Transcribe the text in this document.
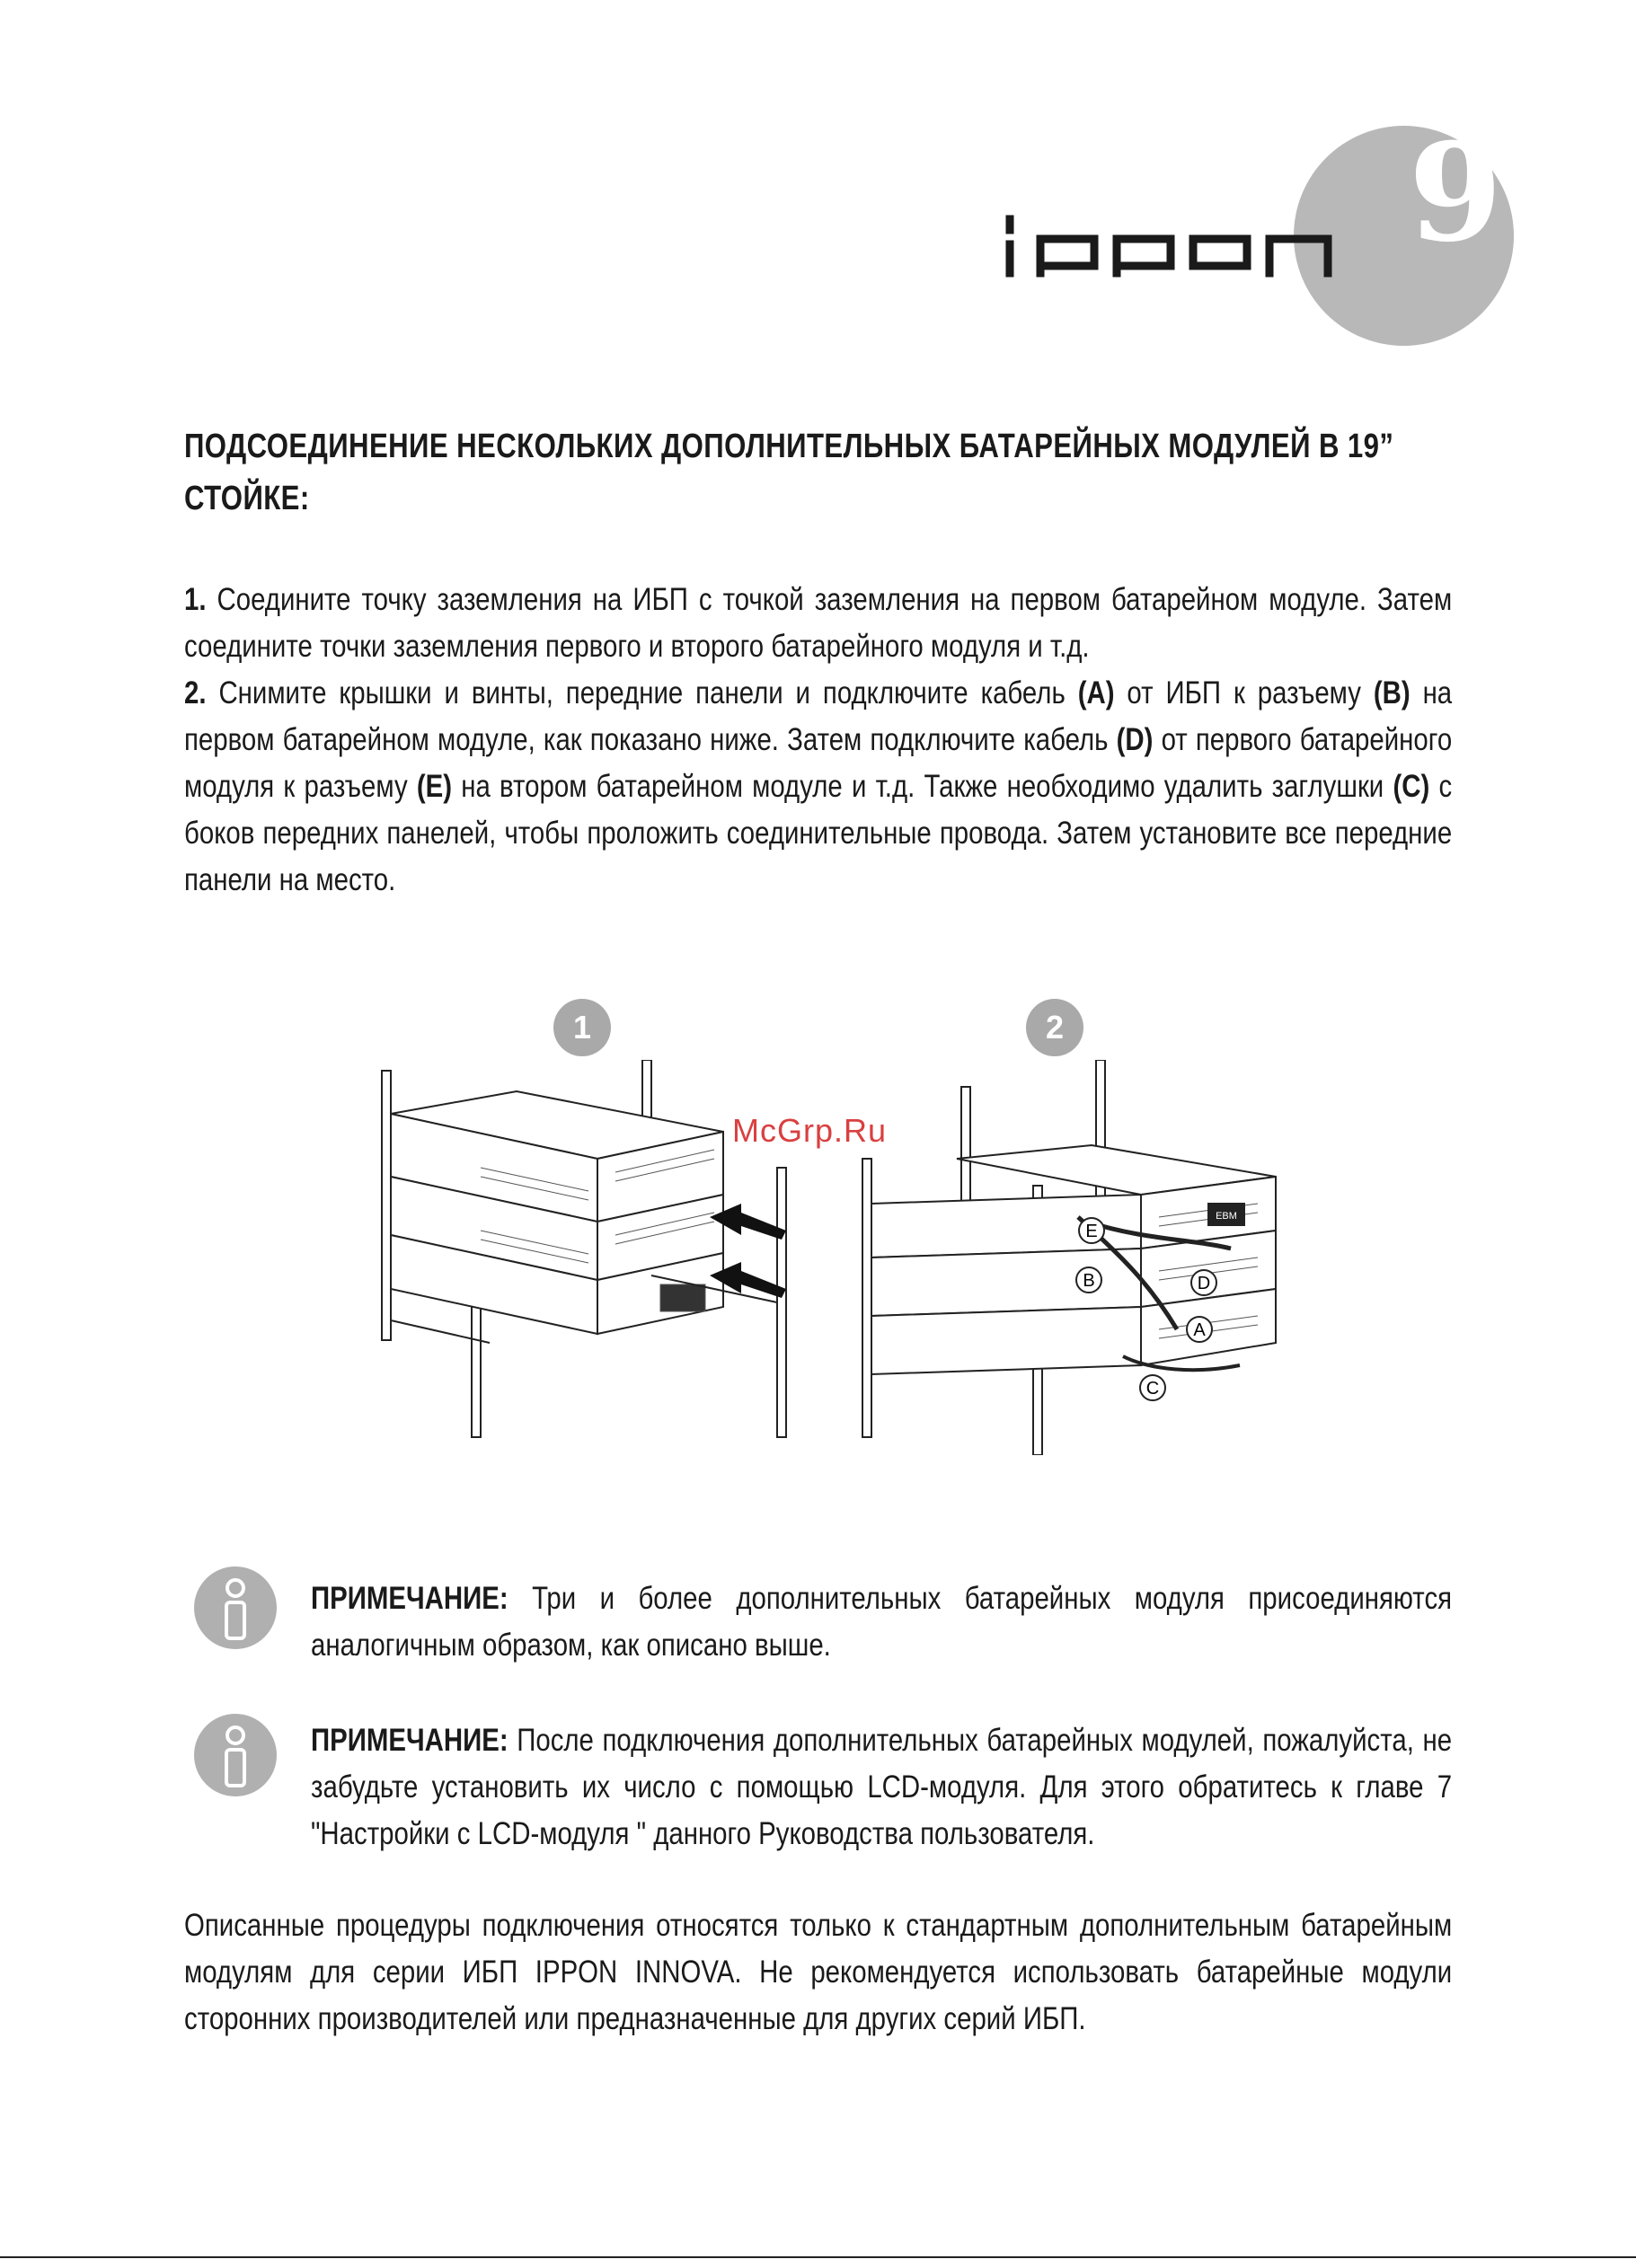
9
ПОДСОЕДИНЕНИЕ НЕСКОЛЬКИХ ДОПОЛНИТЕЛЬНЫХ БАТАРЕЙНЫХ МОДУЛЕЙ В 19”
СТОЙКЕ:

1. Соедините точку заземления на ИБП с точкой заземления на первом батарейном модуле. Затем соедините точки заземления первого и второго батарейного модуля и т.д.

2. Снимите крышки и винты, передние панели и подключите кабель (A) от ИБП к разъему (B) на первом батарейном модуле, как показано ниже. Затем подключите кабель (D) от первого батарейного модуля к разъему (E) на втором батарейном модуле и т.д. Также необходимо удалить заглушки (C) с боков передних панелей, чтобы проложить соединительные провода. Затем установите все передние панели на место.

1	2
E
B	D
A
C
EBM
McGrp.Ru

ПРИМЕЧАНИЕ: Три и более дополнительных батарейных модуля присоединяются аналогичным образом, как описано выше.

ПРИМЕЧАНИЕ: После подключения дополнительных батарейных модулей, пожалуйста, не забудьте установить их число с помощью LCD-модуля. Для этого обратитесь к главе 7 "Настройки с LCD-модуля " данного Руководства пользователя.

Описанные процедуры подключения относятся только к стандартным дополнительным батарейным модулям для серии ИБП IPPON INNOVA. Не рекомендуется использовать батарейные модули сторонних производителей или предназначенные для других серий ИБП.
